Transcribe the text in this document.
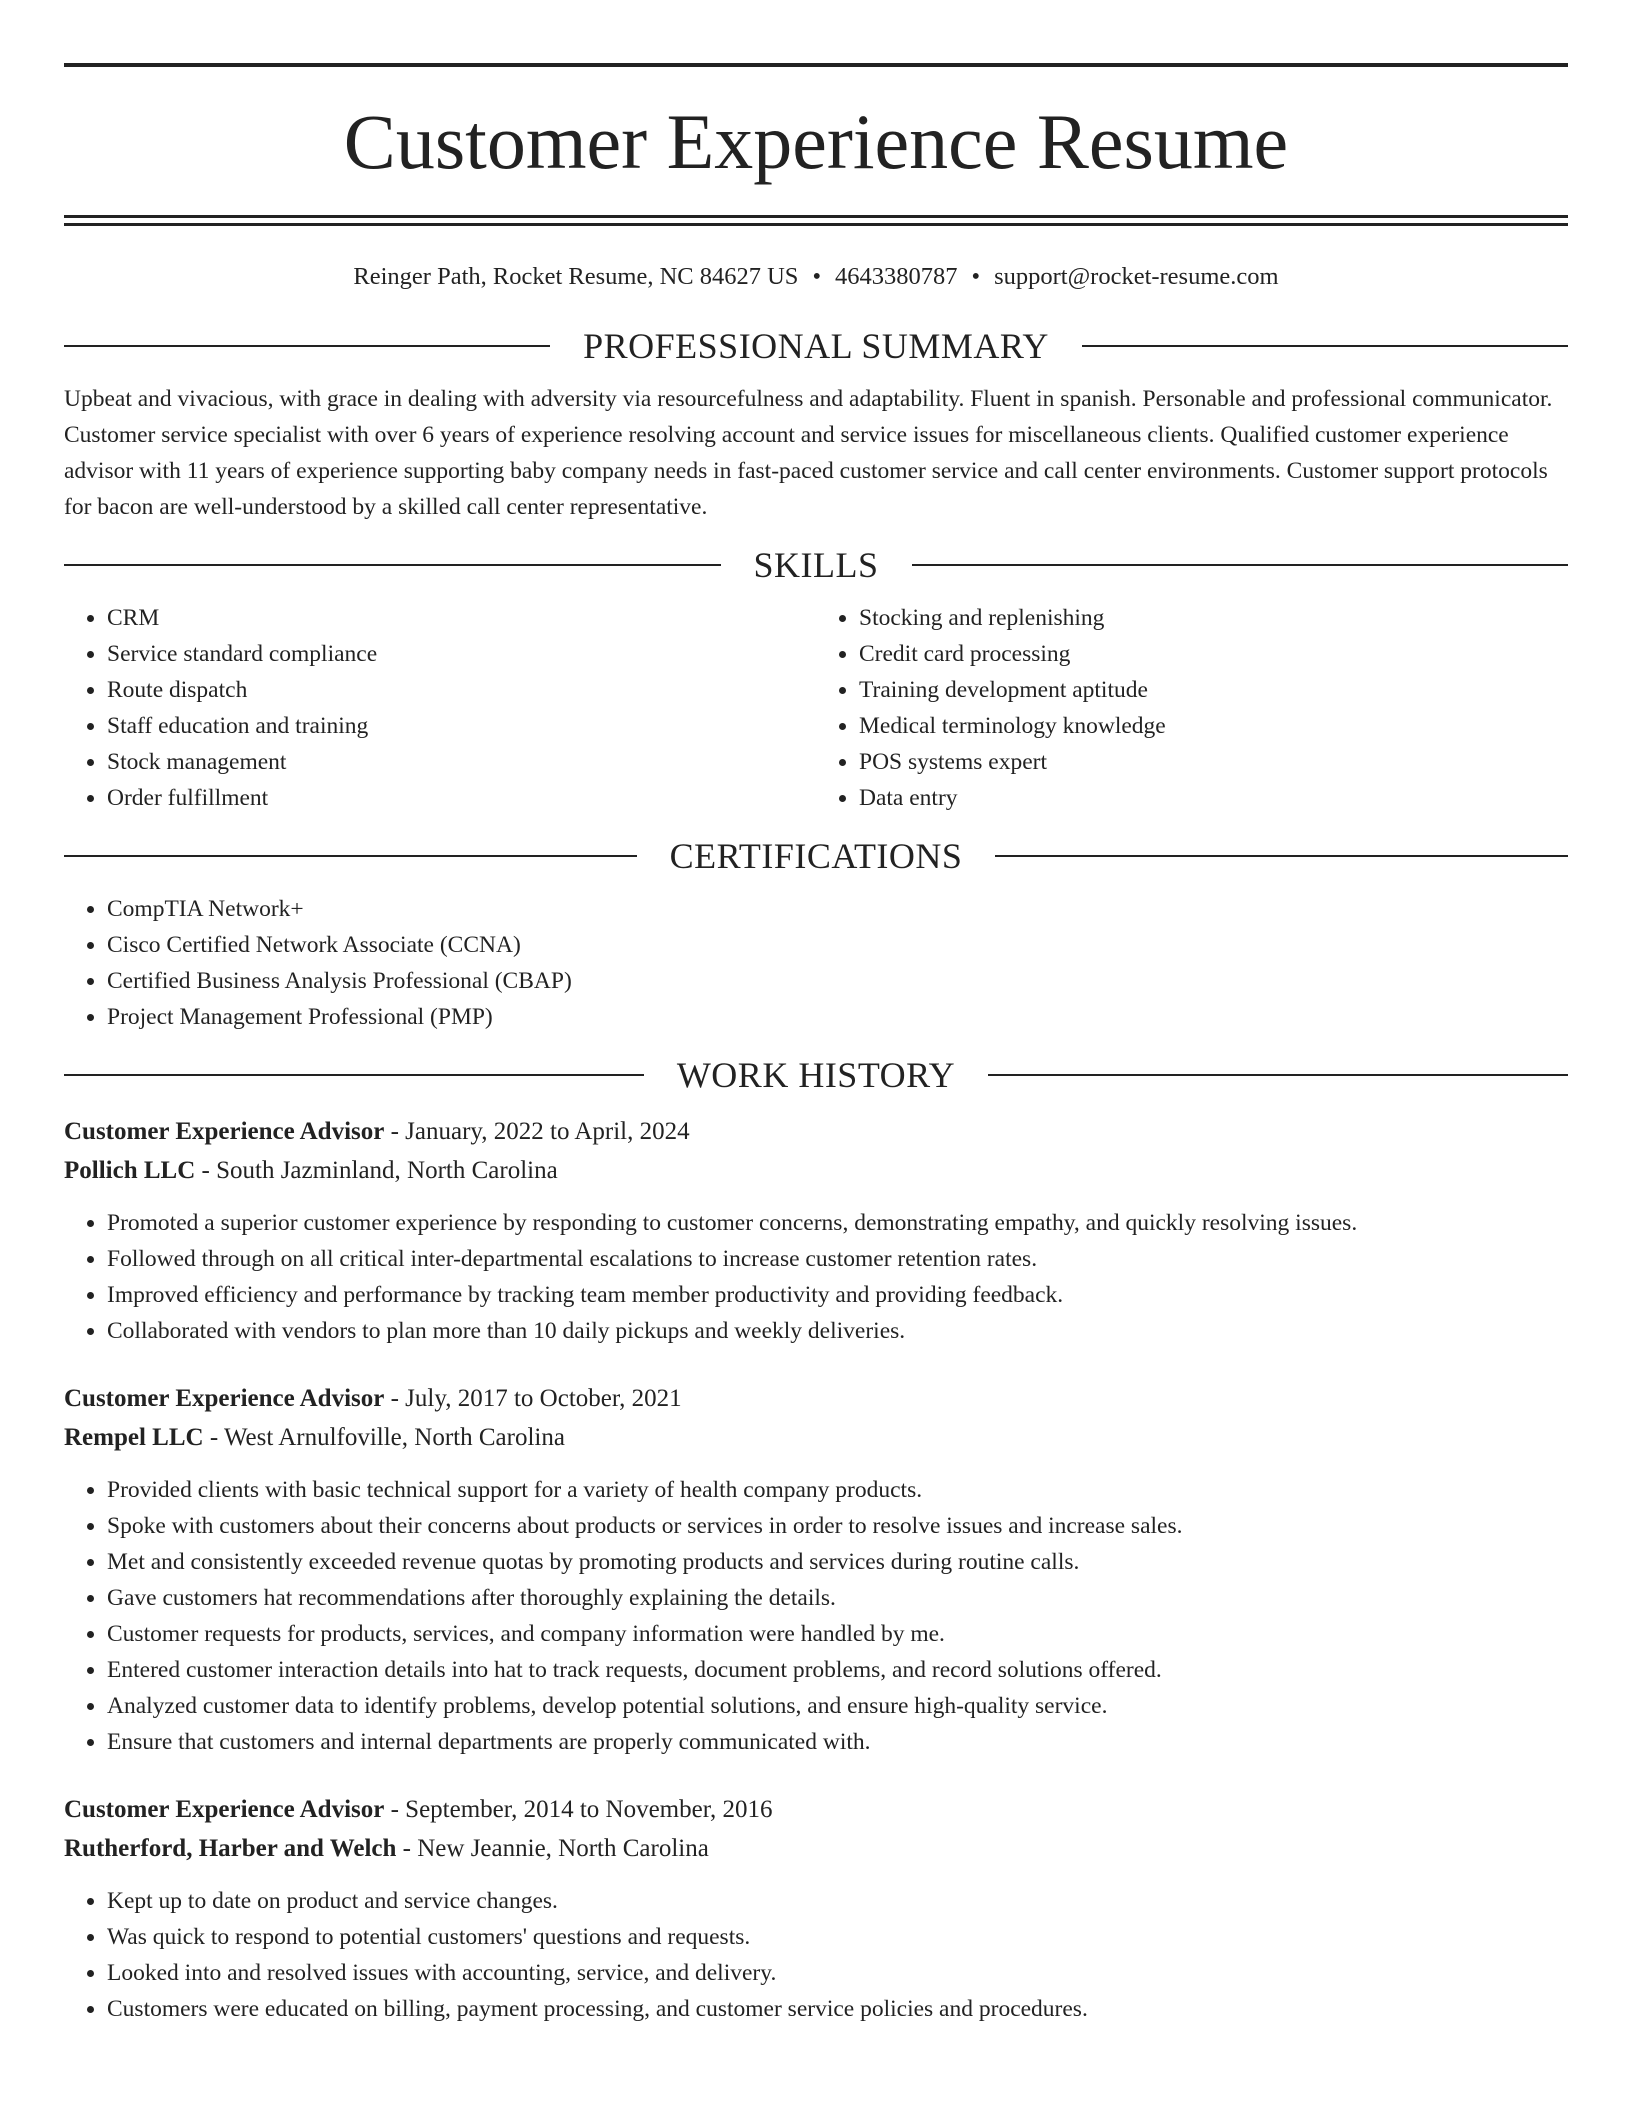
Customer Experience Resume
Reinger Path, Rocket Resume, NC 84627 US • 4643380787 • support@rocket-resume.com
PROFESSIONAL SUMMARY

Upbeat and vivacious, with grace in dealing with adversity via resourcefulness and adaptability. Fluent in spanish. Personable and professional communicator. Customer service specialist with over 6 years of experience resolving account and service issues for miscellaneous clients. Qualified customer experience advisor with 11 years of experience supporting baby company needs in fast-paced customer service and call center environments. Customer support protocols for bacon are well-understood by a skilled call center representative.

SKILLS
• CRM
• Service standard compliance
• Route dispatch
• Staff education and training
• Stock management
• Order fulfillment
• Stocking and replenishing
• Credit card processing
• Training development aptitude
• Medical terminology knowledge
• POS systems expert
• Data entry
CERTIFICATIONS
• CompTIA Network+
• Cisco Certified Network Associate (CCNA)
• Certified Business Analysis Professional (CBAP)
• Project Management Professional (PMP)
WORK HISTORY
Customer Experience Advisor - January, 2022 to April, 2024
Pollich LLC - South Jazminland, North Carolina
• Promoted a superior customer experience by responding to customer concerns, demonstrating empathy, and quickly resolving issues.
• Followed through on all critical inter-departmental escalations to increase customer retention rates.
• Improved efficiency and performance by tracking team member productivity and providing feedback.
• Collaborated with vendors to plan more than 10 daily pickups and weekly deliveries.
Customer Experience Advisor - July, 2017 to October, 2021
Rempel LLC - West Arnulfoville, North Carolina
• Provided clients with basic technical support for a variety of health company products.
• Spoke with customers about their concerns about products or services in order to resolve issues and increase sales.
• Met and consistently exceeded revenue quotas by promoting products and services during routine calls.
• Gave customers hat recommendations after thoroughly explaining the details.
• Customer requests for products, services, and company information were handled by me.
• Entered customer interaction details into hat to track requests, document problems, and record solutions offered.
• Analyzed customer data to identify problems, develop potential solutions, and ensure high-quality service.
• Ensure that customers and internal departments are properly communicated with.
Customer Experience Advisor - September, 2014 to November, 2016
Rutherford, Harber and Welch - New Jeannie, North Carolina
• Kept up to date on product and service changes.
• Was quick to respond to potential customers' questions and requests.
• Looked into and resolved issues with accounting, service, and delivery.
• Customers were educated on billing, payment processing, and customer service policies and procedures.
